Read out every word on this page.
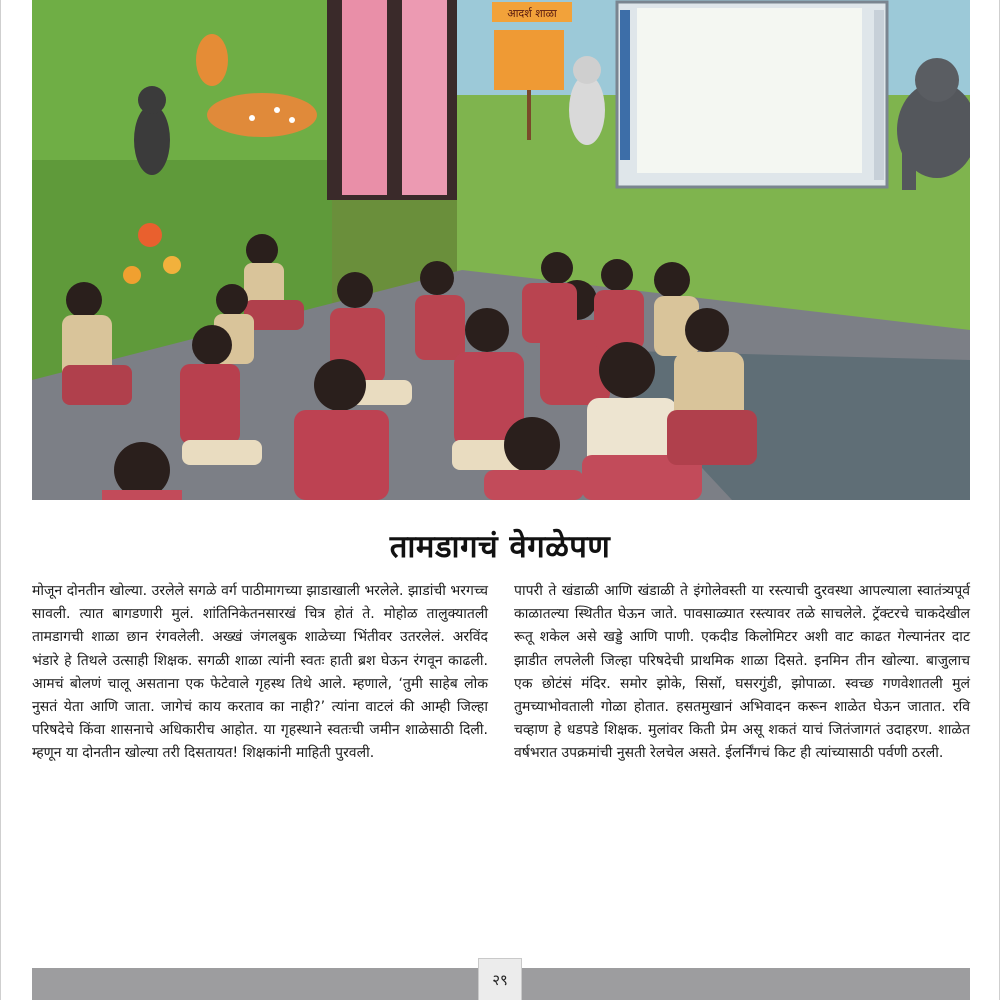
आदर्श शाळा
तामडागचं वेगळेपण
मोजून दोनतीन खोल्या. उरलेले सगळे वर्ग पाठीमागच्या झाडाखाली भरलेले. झाडांची भरगच्च सावली. त्यात बागडणारी मुलं. शांतिनिकेतनसारखं चित्र होतं ते. मोहोळ तालुक्यातली तामडागची शाळा छान रंगवलेली. अख्खं जंगलबुक शाळेच्या भिंतीवर उतरलेलं. अरविंद भंडारे हे तिथले उत्साही शिक्षक. सगळी शाळा त्यांनी स्वतः हाती ब्रश घेऊन रंगवून काढली. आमचं बोलणं चालू असताना एक फेटेवाले गृहस्थ तिथे आले. म्हणाले, ‘तुमी साहेब लोक नुसतं येता आणि जाता. जागेचं काय करताव का नाही?’ त्यांना वाटलं की आम्ही जिल्हा परिषदेचे किंवा शासनाचे अधिकारीच आहोत. या गृहस्थाने स्वतःची जमीन शाळेसाठी दिली. म्हणून या दोनतीन खोल्या तरी दिसतायत! शिक्षकांनी माहिती पुरवली.
पापरी ते खंडाळी आणि खंडाळी ते इंगोलेवस्ती या रस्त्याची दुरवस्था आपल्याला स्वातंत्र्यपूर्व काळातल्या स्थितीत घेऊन जाते. पावसाळ्यात रस्त्यावर तळे साचलेले. ट्रॅक्टरचे चाकदेखील रूतू शकेल असे खड्डे आणि पाणी. एकदीड किलोमिटर अशी वाट काढत गेल्यानंतर दाट झाडीत लपलेली जिल्हा परिषदेची प्राथमिक शाळा दिसते. इनमिन तीन खोल्या. बाजुलाच एक छोटंसं मंदिर. समोर झोके, सिसॉ, घसरगुंडी, झोपाळा. स्वच्छ गणवेशातली मुलं तुमच्याभोवताली गोळा होतात. हसतमुखानं अभिवादन करून शाळेत घेऊन जातात. रवि चव्हाण हे धडपडे शिक्षक. मुलांवर किती प्रेम असू शकतं याचं जितंजागतं उदाहरण. शाळेत वर्षभरात उपक्रमांची नुसती रेलचेल असते. ईलर्निंगचं किट ही त्यांच्यासाठी पर्वणी ठरली.
२९
